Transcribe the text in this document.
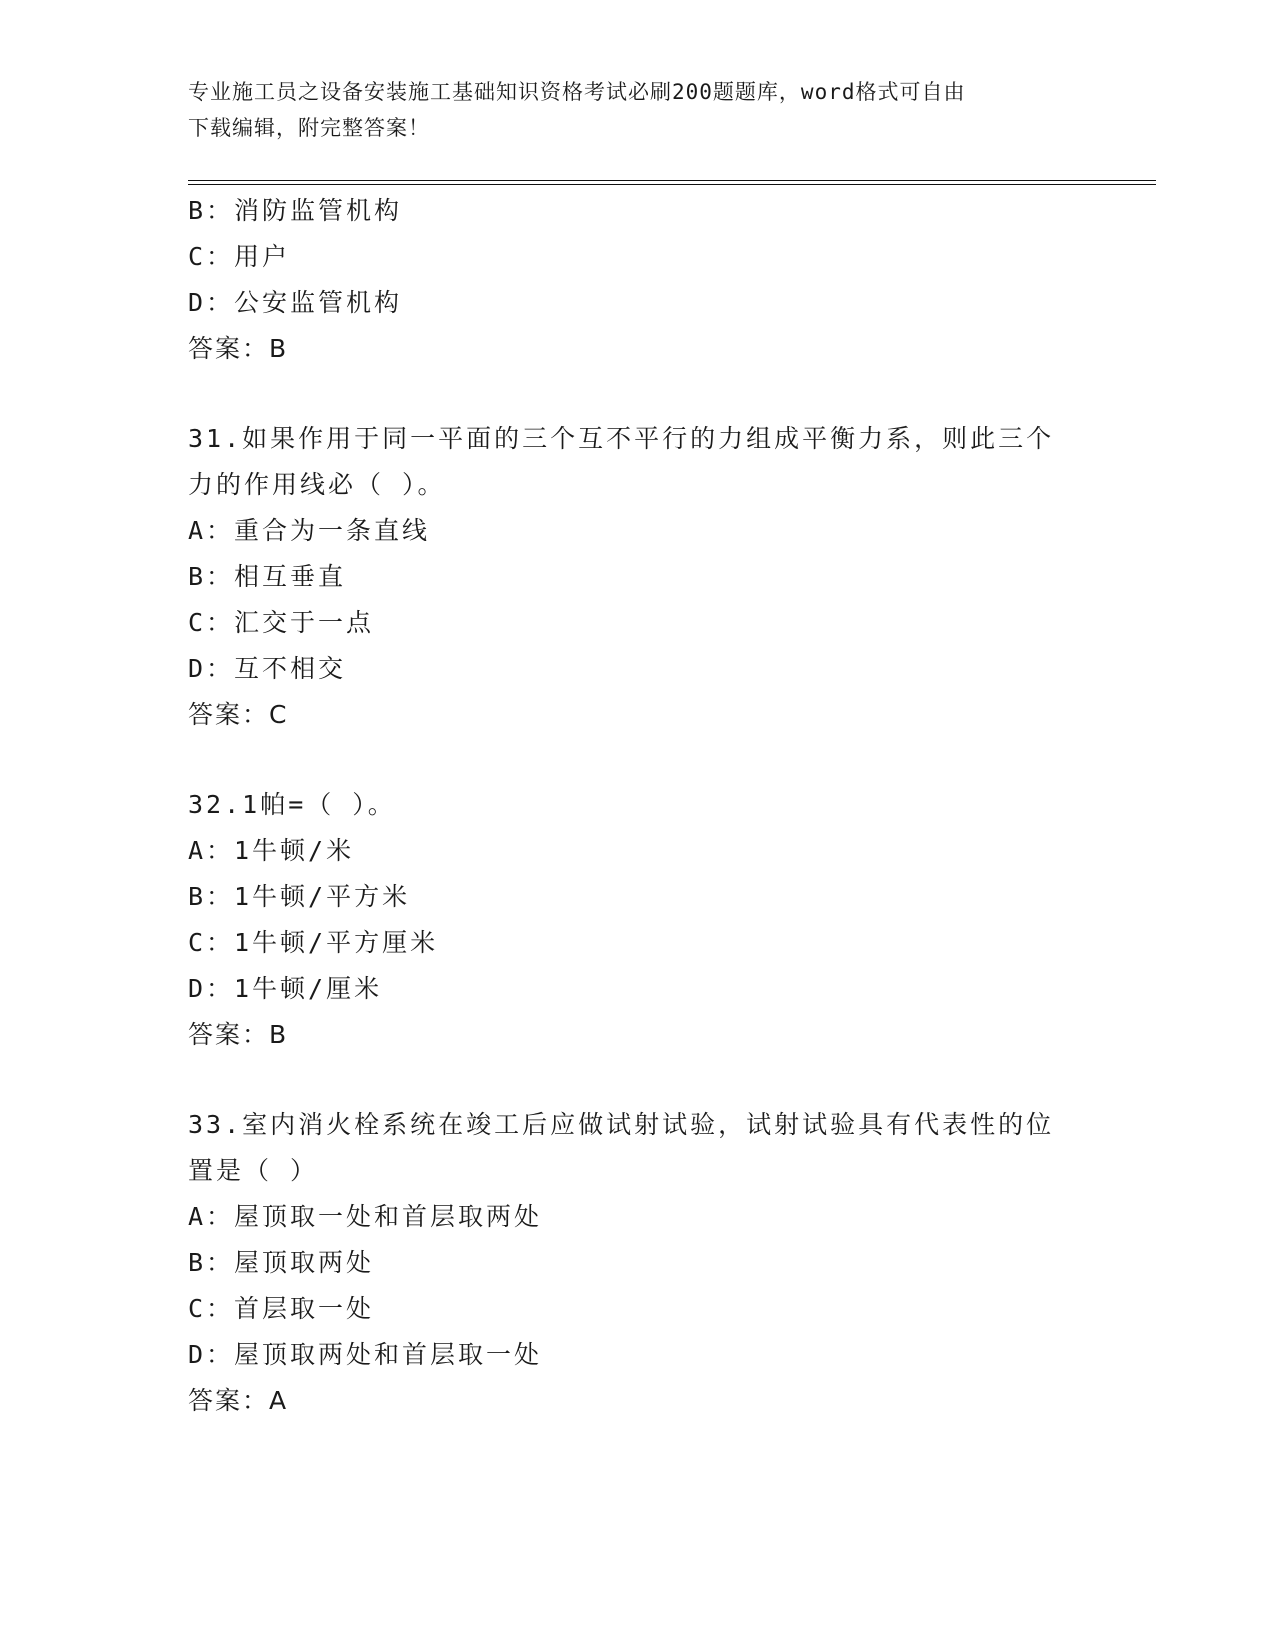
专业施工员之设备安装施工基础知识资格考试必刷200题题库，word格式可自由
下载编辑，附完整答案！

B：消防监管机构

C：用户

D：公安监管机构

答案：B

31.如果作用于同一平面的三个互不平行的力组成平衡力系，则此三个

力的作用线必（ ）。

A：重合为一条直线

B：相互垂直

C：汇交于一点

D：互不相交

答案：C

32.1帕=（ ）。

A：1牛顿/米

B：1牛顿/平方米

C：1牛顿/平方厘米

D：1牛顿/厘米

答案：B

33.室内消火栓系统在竣工后应做试射试验，试射试验具有代表性的位

置是（ ）

A：屋顶取一处和首层取两处

B：屋顶取两处

C：首层取一处

D：屋顶取两处和首层取一处

答案：A
